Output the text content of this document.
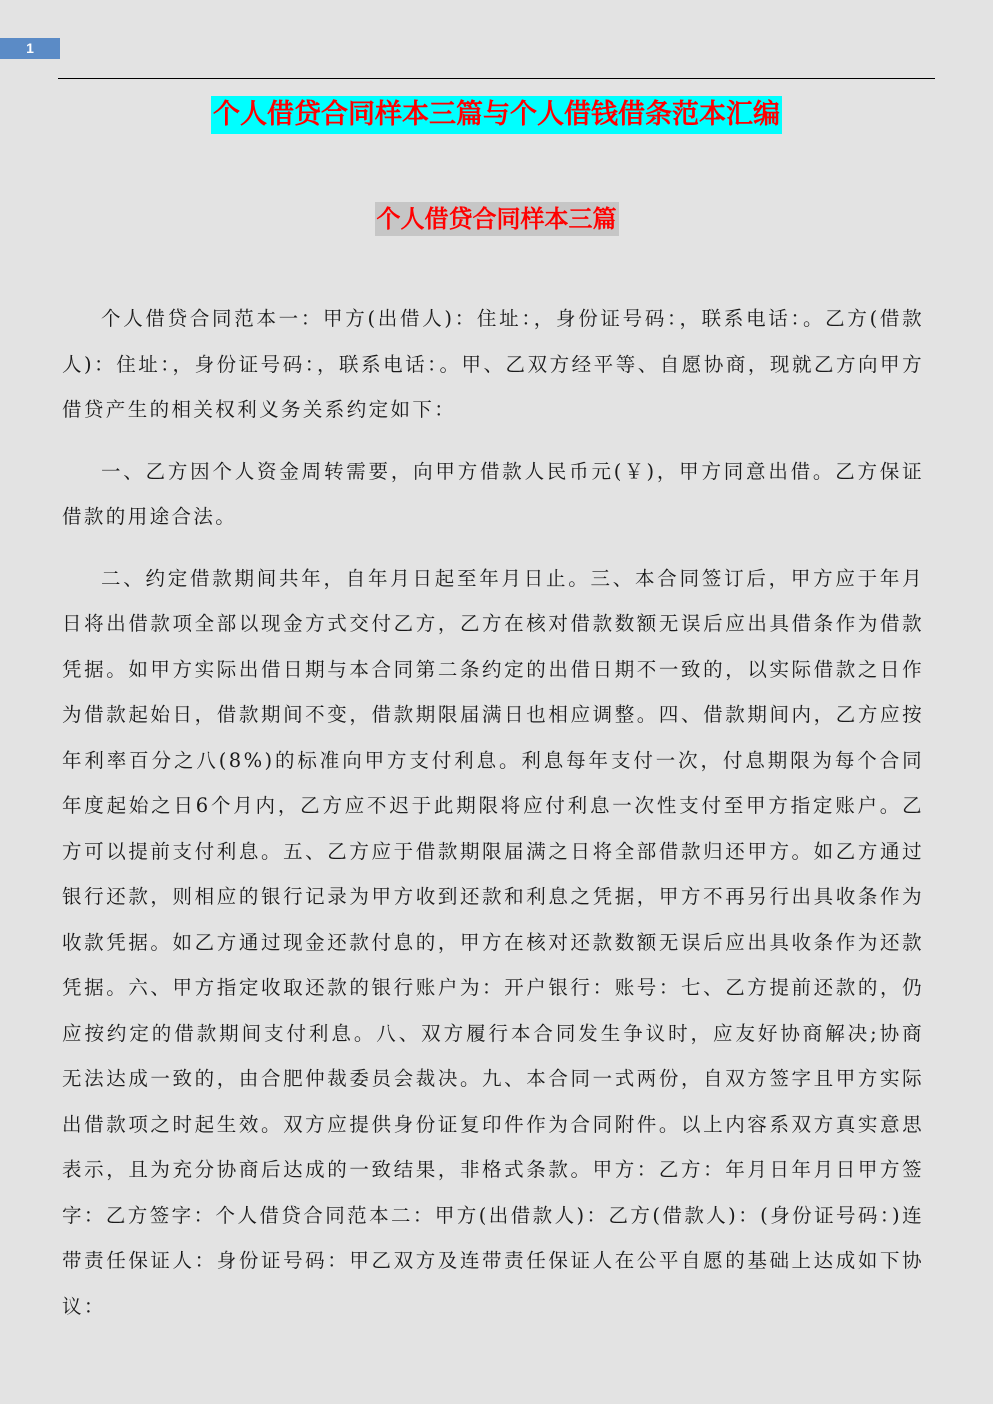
1
个人借贷合同样本三篇与个人借钱借条范本汇编
个人借贷合同样本三篇

个人借贷合同范本一：甲方(出借人)：住址：，身份证号码：，联系电话：。乙方(借款人)：住址：，身份证号码：，联系电话：。甲、乙双方经平等、自愿协商，现就乙方向甲方借贷产生的相关权利义务关系约定如下：

一、乙方因个人资金周转需要，向甲方借款人民币元(￥)，甲方同意出借。乙方保证借款的用途合法。

二、约定借款期间共年，自年月日起至年月日止。三、本合同签订后，甲方应于年月日将出借款项全部以现金方式交付乙方，乙方在核对借款数额无误后应出具借条作为借款凭据。如甲方实际出借日期与本合同第二条约定的出借日期不一致的，以实际借款之日作为借款起始日，借款期间不变，借款期限届满日也相应调整。四、借款期间内，乙方应按年利率百分之八(8%)的标准向甲方支付利息。利息每年支付一次，付息期限为每个合同年度起始之日6个月内，乙方应不迟于此期限将应付利息一次性支付至甲方指定账户。乙方可以提前支付利息。五、乙方应于借款期限届满之日将全部借款归还甲方。如乙方通过银行还款，则相应的银行记录为甲方收到还款和利息之凭据，甲方不再另行出具收条作为收款凭据。如乙方通过现金还款付息的，甲方在核对还款数额无误后应出具收条作为还款凭据。六、甲方指定收取还款的银行账户为：开户银行：账号：七、乙方提前还款的，仍应按约定的借款期间支付利息。八、双方履行本合同发生争议时，应友好协商解决;协商无法达成一致的，由合肥仲裁委员会裁决。九、本合同一式两份，自双方签字且甲方实际出借款项之时起生效。双方应提供身份证复印件作为合同附件。以上内容系双方真实意思表示，且为充分协商后达成的一致结果，非格式条款。甲方：乙方：年月日年月日甲方签字：乙方签字：个人借贷合同范本二：甲方(出借款人)：乙方(借款人)：(身份证号码：)连带责任保证人：身份证号码：甲乙双方及连带责任保证人在公平自愿的基础上达成如下协议：
